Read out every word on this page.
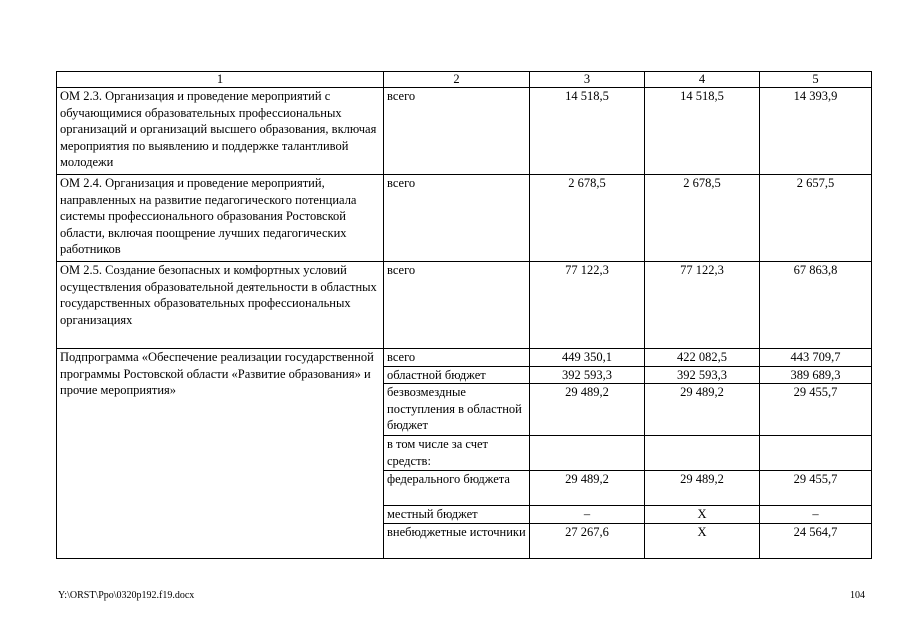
1	2	3	4	5
ОМ 2.3. Организация и проведение мероприятий с обучающимися образовательных профессиональных организаций и организаций высшего образования, включая мероприятия по выявлению и поддержке талантливой молодежи	всего	14 518,5	14 518,5	14 393,9
ОМ 2.4. Организация и проведение мероприятий, направленных на развитие педагогического потенциала системы профессионального образования Ростовской области, включая поощрение лучших педагогических работников	всего	2 678,5	2 678,5	2 657,5
ОМ 2.5. Создание безопасных и комфортных условий осуществления образовательной деятельности в областных государственных образовательных профессиональных организациях	всего	77 122,3	77 122,3	67 863,8
Подпрограмма «Обеспечение реализации государственной программы Ростовской области «Развитие образования» и прочие мероприятия»	всего	449 350,1	422 082,5	443 709,7
	областной бюджет	392 593,3	392 593,3	389 689,3
	безвозмездные поступления в областной бюджет	29 489,2	29 489,2	29 455,7
	в том числе за счет средств:			
	федерального бюджета	29 489,2	29 489,2	29 455,7
	местный бюджет	–	Х	–
	внебюджетные источники	27 267,6	Х	24 564,7
Y:\ORST\Ppo\0320p192.f19.docx	104
